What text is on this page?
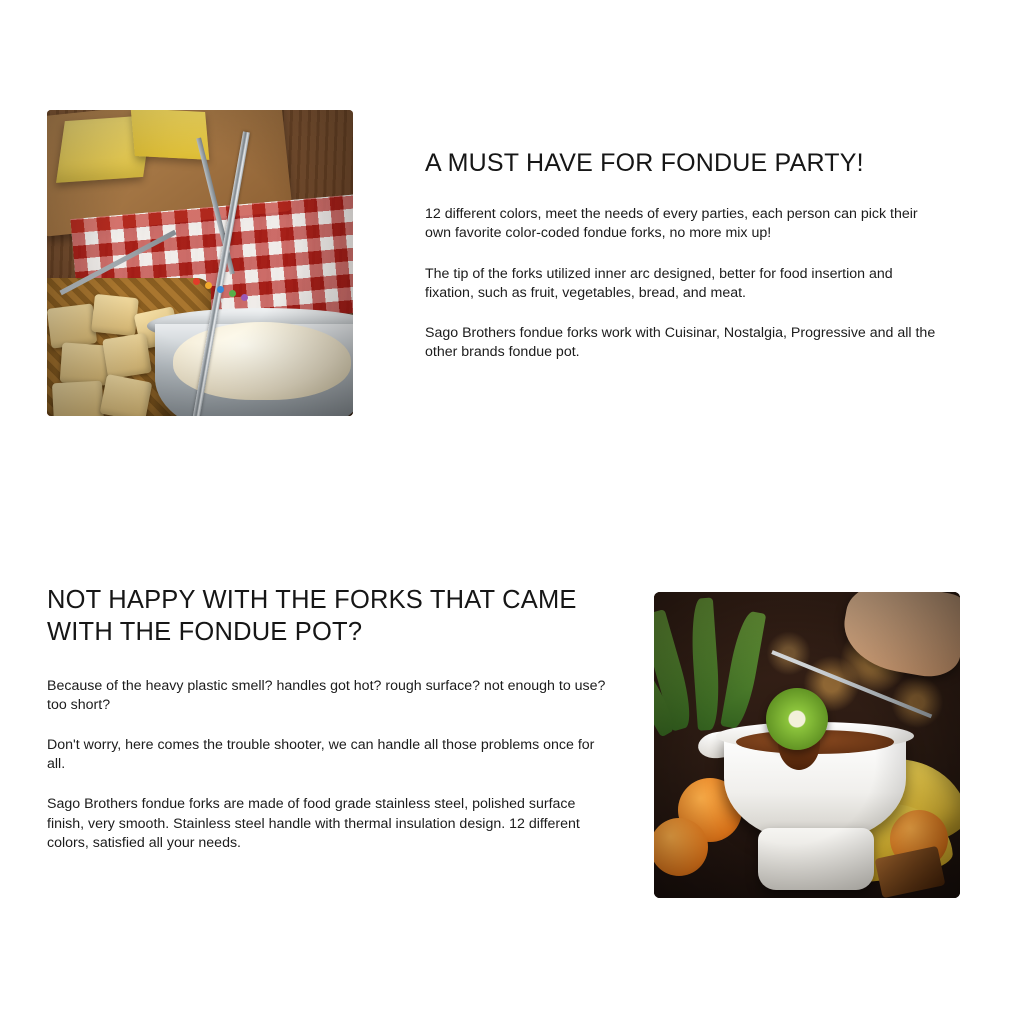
A MUST HAVE FOR FONDUE PARTY!

12 different colors, meet the needs of every parties, each person can pick their own favorite color-coded fondue forks, no more mix up!

The tip of the forks utilized inner arc designed, better for food insertion and fixation, such as fruit, vegetables, bread, and meat.

Sago Brothers fondue forks work with Cuisinar, Nostalgia, Progressive and all the other brands fondue pot.

NOT HAPPY WITH THE FORKS THAT CAME WITH THE FONDUE POT?

Because of the heavy plastic smell? handles got hot? rough surface? not enough to use? too short?

Don't worry, here comes the trouble shooter, we can handle all those problems once for all.

Sago Brothers fondue forks are made of food grade stainless steel, polished surface finish, very smooth. Stainless steel handle with thermal insulation design. 12 different colors, satisfied all your needs.
